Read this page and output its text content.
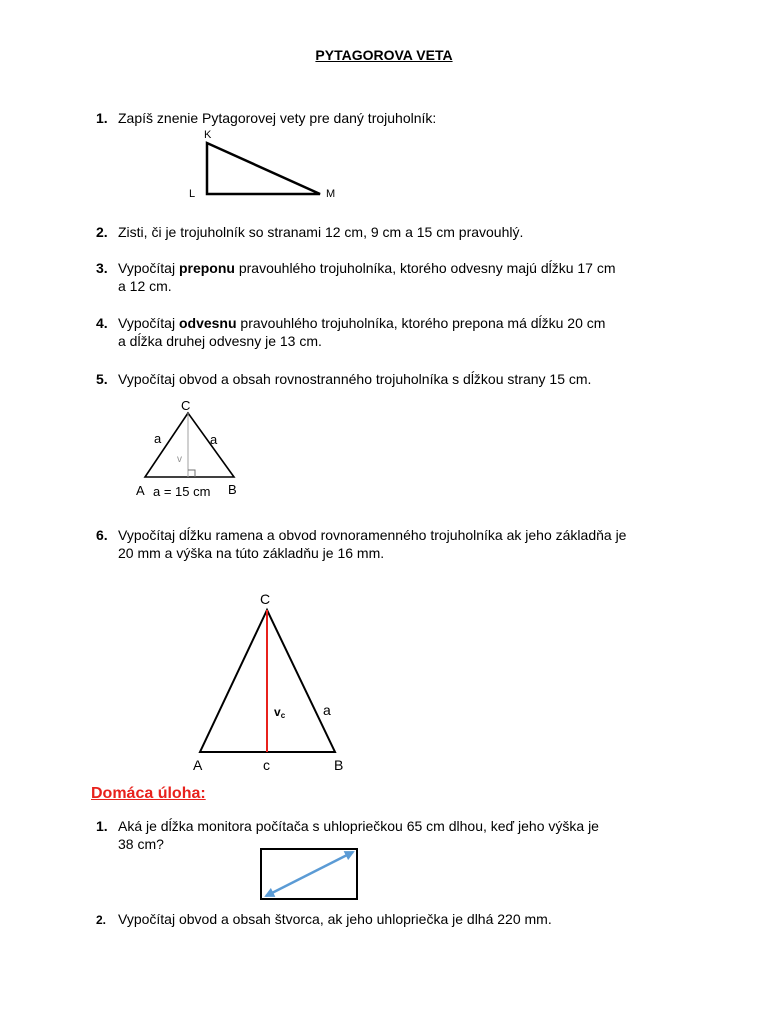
PYTAGOROVA VETA
1. Zapíš znenie Pytagorovej vety pre daný trojuholník:
K
L	M
2. Zisti, či je trojuholník so stranami 12 cm, 9 cm a 15 cm pravouhlý.
3. Vypočítaj preponu pravouhlého trojuholníka, ktorého odvesny majú dĺžku 17 cm
a 12 cm.
4. Vypočítaj odvesnu pravouhlého trojuholníka, ktorého prepona má dĺžku 20 cm
a dĺžka druhej odvesny je 13 cm.
5. Vypočítaj obvod a obsah rovnostranného trojuholníka s dĺžkou strany 15 cm.
C
a	a
v
A	B
a = 15 cm
6. Vypočítaj dĺžku ramena a obvod rovnoramenného trojuholníka ak jeho základňa je
20 mm a výška na túto základňu je 16 mm.
C
vc	a
A	c	B
Domáca úloha:
1. Aká je dĺžka monitora počítača s uhlopriečkou 65 cm dlhou, keď jeho výška je
38 cm?
2. Vypočítaj obvod a obsah štvorca, ak jeho uhlopriečka je dlhá 220 mm.
